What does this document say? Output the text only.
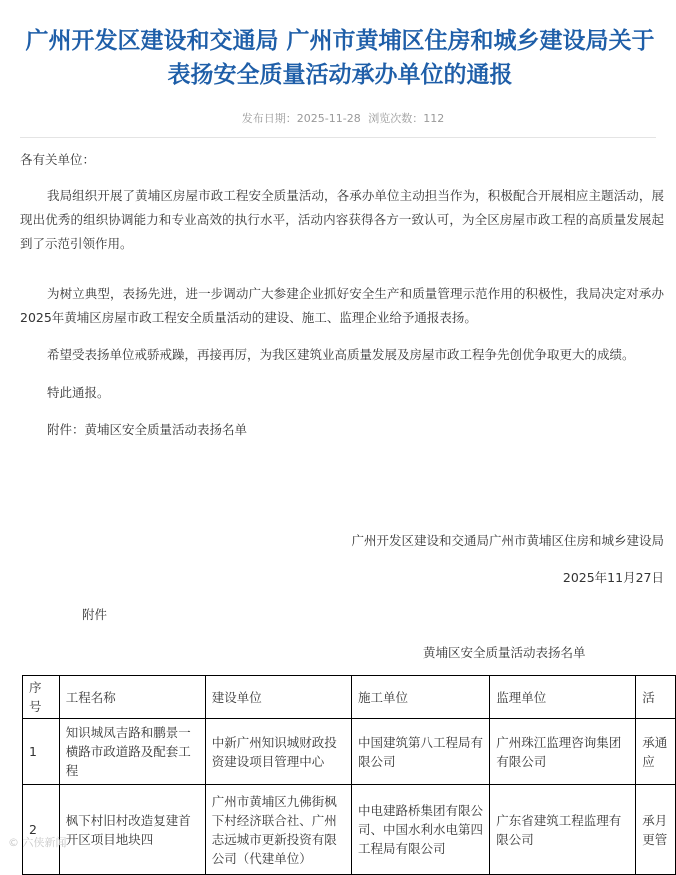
广州开发区建设和交通局 广州市黄埔区住房和城乡建设局关于表扬安全质量活动承办单位的通报
发布日期：2025-11-28 浏览次数：112

各有关单位：

我局组织开展了黄埔区房屋市政工程安全质量活动，各承办单位主动担当作为，积极配合开展相应主题活动，展现出优秀的组织协调能力和专业高效的执行水平，活动内容获得各方一致认可，为全区房屋市政工程的高质量发展起到了示范引领作用。

为树立典型，表扬先进，进一步调动广大参建企业抓好安全生产和质量管理示范作用的积极性，我局决定对承办2025年黄埔区房屋市政工程安全质量活动的建设、施工、监理企业给予通报表扬。

希望受表扬单位戒骄戒躁，再接再厉，为我区建筑业高质量发展及房屋市政工程争先创优争取更大的成绩。

特此通报。

附件：黄埔区安全质量活动表扬名单

广州开发区建设和交通局广州市黄埔区住房和城乡建设局
2025年11月27日
附件
黄埔区安全质量活动表扬名单
序号	工程名称	建设单位	施工单位	监理单位	活
1	知识城凤吉路和鹏景一横路市政道路及配套工程	中新广州知识城财政投资建设项目管理中心	中国建筑第八工程局有限公司	广州珠江监理咨询集团有限公司	承通应
2	枫下村旧村改造复建首开区项目地块四	广州市黄埔区九佛街枫下村经济联合社、广州志远城市更新投资有限公司（代建单位）	中电建路桥集团有限公司、中国水利水电第四工程局有限公司	广东省建筑工程监理有限公司	承月更管
© 六侠新闻
